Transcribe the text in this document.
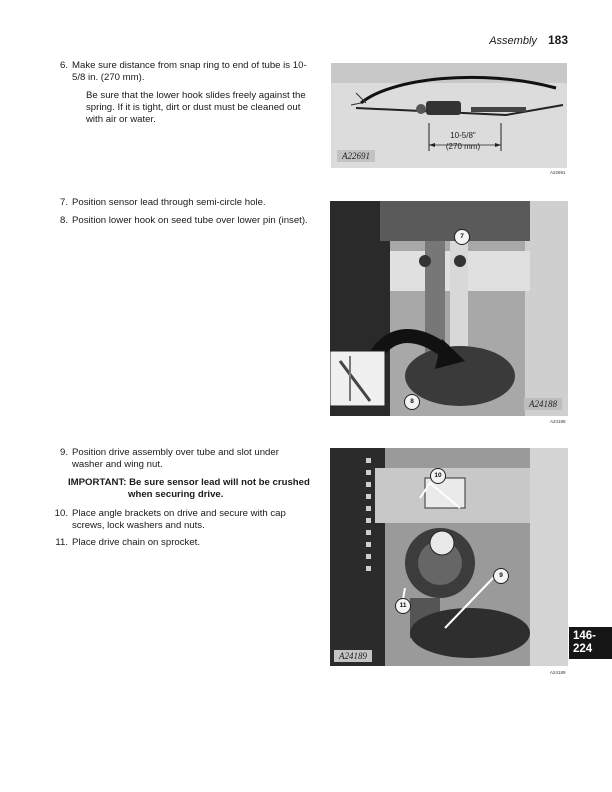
Assembly 183
6. Make sure distance from snap ring to end of tube is 10-5/8 in. (270 mm).
Be sure that the lower hook slides freely against the spring. If it is tight, dirt or dust must be cleaned out with air or water.
A22691
10-5/8"
(270 mm)
A22691
7. Position sensor lead through semi-circle hole.
8. Position lower hook on seed tube over lower pin (inset).
7
8	A24188
A24188
9. Position drive assembly over tube and slot under washer and wing nut.
IMPORTANT: Be sure sensor lead will not be crushed
when securing drive.
10. Place angle brackets on drive and secure with cap screws, lock washers and nuts.
11. Place drive chain on sprocket.
10
9
11
A24189
A24189
146-
224
